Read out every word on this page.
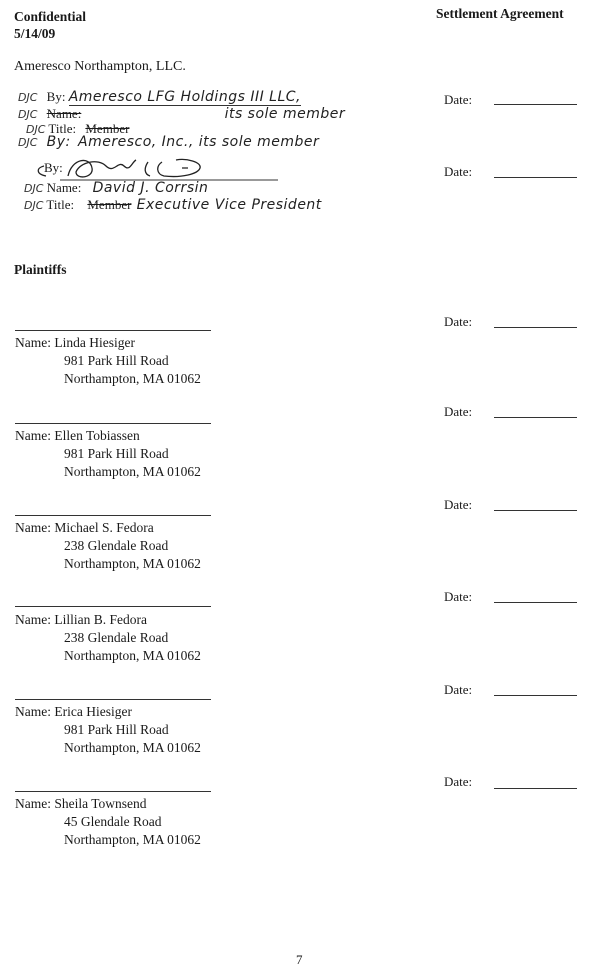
Confidential
5/14/09
Settlement Agreement
Ameresco Northampton, LLC.
DJC By: Ameresco LFG Holdings III LLC,
DJC Name:	its sole member
DJC Title: Member
DJC By: Ameresco, Inc., its sole member
By:
DJC Name: David J. Corrsin
DJC Title: Member Executive Vice President
Date:
Date:
Plaintiffs
Date:
Name: Linda Hiesiger
981 Park Hill Road
Northampton, MA 01062
Date:
Name: Ellen Tobiassen
981 Park Hill Road
Northampton, MA 01062
Date:
Name: Michael S. Fedora
238 Glendale Road
Northampton, MA 01062
Date:
Name: Lillian B. Fedora
238 Glendale Road
Northampton, MA 01062
Date:
Name: Erica Hiesiger
981 Park Hill Road
Northampton, MA 01062
Date:
Name: Sheila Townsend
45 Glendale Road
Northampton, MA 01062
7
